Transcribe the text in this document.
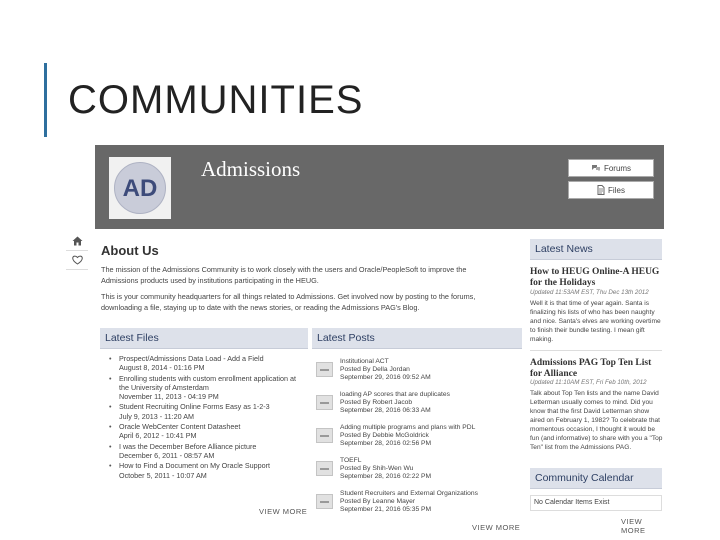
COMMUNITIES
AD
Admissions	Forums
Files
About Us
The mission of the Admissions Community is to work closely with the users and Oracle/PeopleSoft to improve the Admissions products used by institutions participating in the HEUG.
This is your community headquarters for all things related to Admissions. Get involved now by posting to the forums, downloading a file, staying up to date with the news stories, or reading the Admissions PAG's Blog.
Latest Files
• Prospect/Admissions Data Load - Add a Field
August 8, 2014 - 01:16 PM
• Enrolling students with custom enrollment application at the University of Amsterdam
November 11, 2013 - 04:19 PM
• Student Recruiting Online Forms Easy as 1-2-3
July 9, 2013 - 11:20 AM
• Oracle WebCenter Content Datasheet
April 6, 2012 - 10:41 PM
• I was the December Before Alliance picture
December 6, 2011 - 08:57 AM
• How to Find a Document on My Oracle Support
October 5, 2011 - 10:07 AM
VIEW MORE
Latest Posts
Institutional ACT
Posted By Della Jordan
September 29, 2016 09:52 AM
loading AP scores that are duplicates
Posted By Robert Jacob
September 28, 2016 06:33 AM
Adding multiple programs and plans with PDL
Posted By Debbie McGoldrick
September 28, 2016 02:56 PM
TOEFL
Posted By Shih-Wen Wu
September 28, 2016 02:22 PM
Student Recruiters and External Organizations
Posted By Leanne Mayer
September 21, 2016 05:35 PM
VIEW MORE
Latest News
How to HEUG Online-A HEUG for the Holidays
Updated 11:53AM EST, Thu Dec 13th 2012
Well it is that time of year again. Santa is finalizing his lists of who has been naughty and nice. Santa's elves are working overtime to finish their bundle testing. I mean gift making.
Admissions PAG Top Ten List for Alliance
Updated 11:10AM EST, Fri Feb 10th, 2012
Talk about Top Ten lists and the name David Letterman usually comes to mind. Did you know that the first David Letterman show aired on February 1, 1982? To celebrate that momentous occasion, I thought it would be fun (and informative) to share with you a "Top Ten" list from the Admissions PAG.
Community Calendar
No Calendar Items Exist
VIEW MORE
